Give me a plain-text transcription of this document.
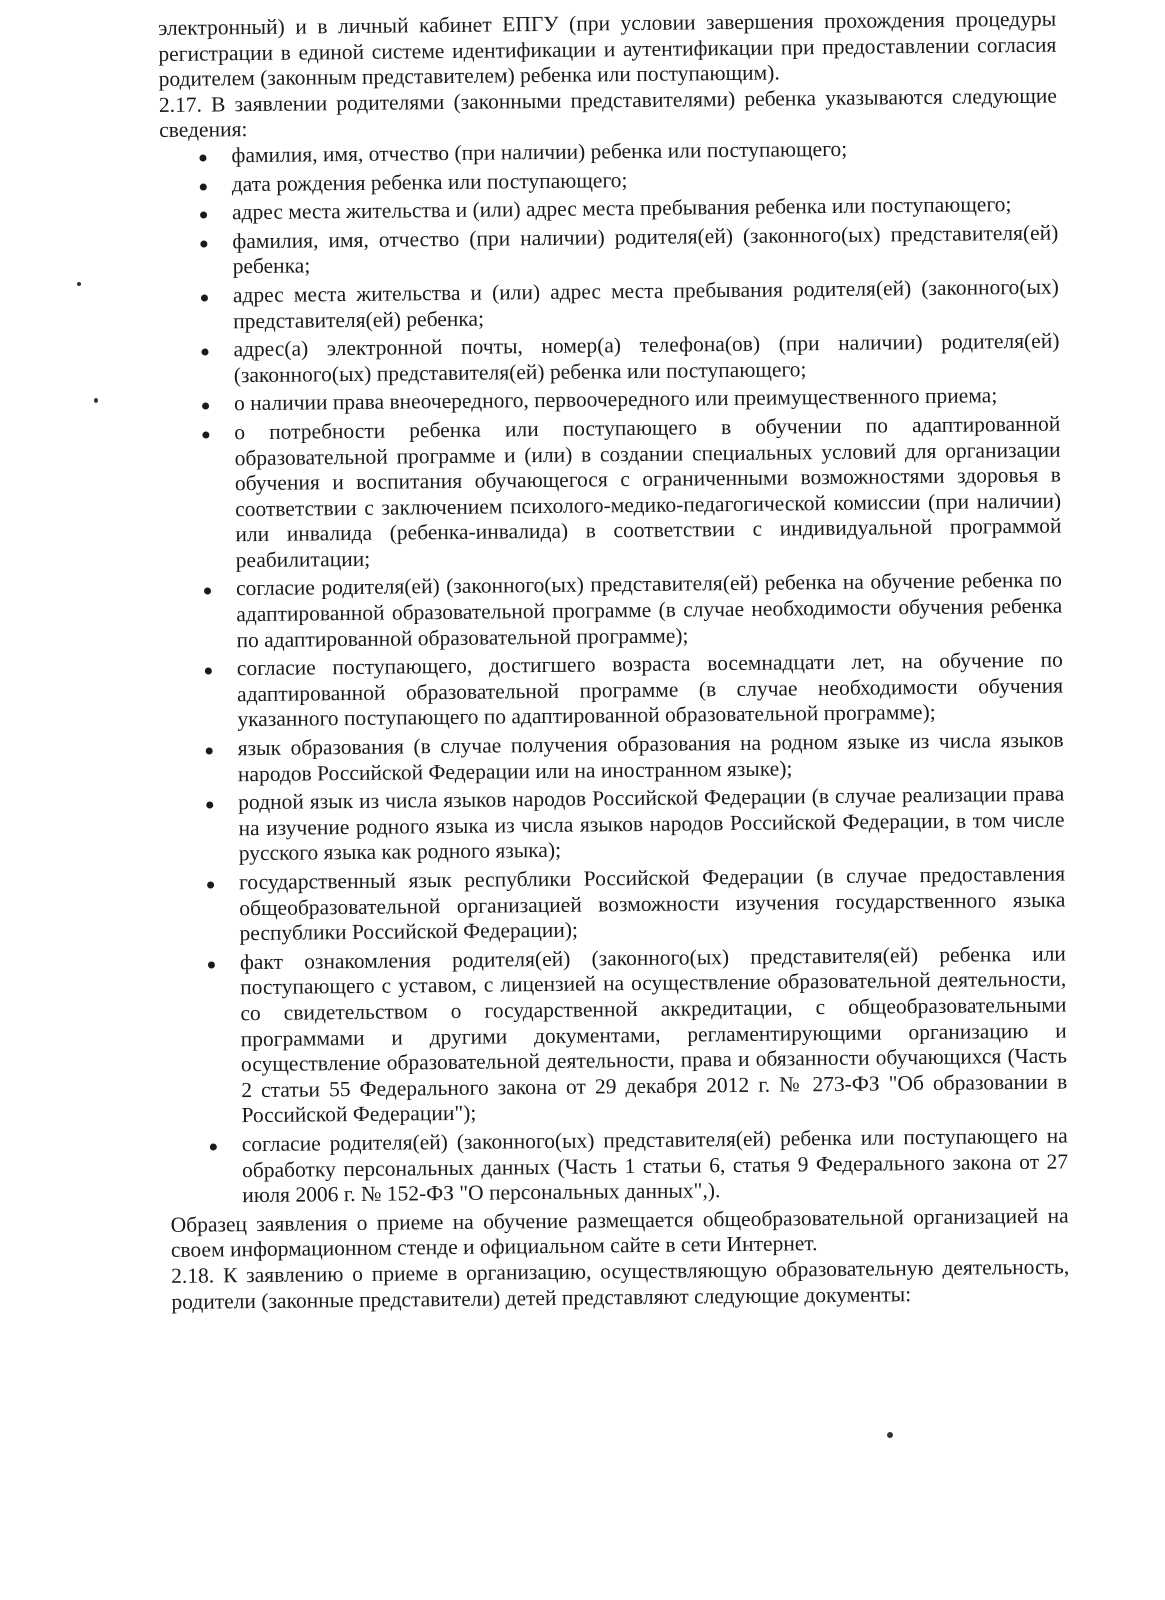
электронный) и в личный кабинет ЕПГУ (при условии завершения прохождения процедуры регистрации в единой системе идентификации и аутентификации при предоставлении согласия родителем (законным представителем) ребенка или поступающим).

2.17. В заявлении родителями (законными представителями) ребенка указываются следующие сведения:

фамилия, имя, отчество (при наличии) ребенка или поступающего;
дата рождения ребенка или поступающего;
адрес места жительства и (или) адрес места пребывания ребенка или поступающего;
фамилия, имя, отчество (при наличии) родителя(ей) (законного(ых) представителя(ей) ребенка;
адрес места жительства и (или) адрес места пребывания родителя(ей) (законного(ых) представителя(ей) ребенка;
адрес(а) электронной почты, номер(а) телефона(ов) (при наличии) родителя(ей) (законного(ых) представителя(ей) ребенка или поступающего;
о наличии права внеочередного, первоочередного или преимущественного приема;
о потребности ребенка или поступающего в обучении по адаптированной образовательной программе и (или) в создании специальных условий для организации обучения и воспитания обучающегося с ограниченными возможностями здоровья в соответствии с заключением психолого-медико-педагогической комиссии (при наличии) или инвалида (ребенка-инвалида) в соответствии с индивидуальной программой реабилитации;
согласие родителя(ей) (законного(ых) представителя(ей) ребенка на обучение ребенка по адаптированной образовательной программе (в случае необходимости обучения ребенка по адаптированной образовательной программе);
согласие поступающего, достигшего возраста восемнадцати лет, на обучение по адаптированной образовательной программе (в случае необходимости обучения указанного поступающего по адаптированной образовательной программе);
язык образования (в случае получения образования на родном языке из числа языков народов Российской Федерации или на иностранном языке);
родной язык из числа языков народов Российской Федерации (в случае реализации права на изучение родного языка из числа языков народов Российской Федерации, в том числе русского языка как родного языка);
государственный язык республики Российской Федерации (в случае предоставления общеобразовательной организацией возможности изучения государственного языка республики Российской Федерации);
факт ознакомления родителя(ей) (законного(ых) представителя(ей) ребенка или поступающего с уставом, с лицензией на осуществление образовательной деятельности, со свидетельством о государственной аккредитации, с общеобразовательными программами и другими документами, регламентирующими организацию и осуществление образовательной деятельности, права и обязанности обучающихся (Часть 2 статьи 55 Федерального закона от 29 декабря 2012 г. № 273-ФЗ "Об образовании в Российской Федерации");
согласие родителя(ей) (законного(ых) представителя(ей) ребенка или поступающего на обработку персональных данных (Часть 1 статьи 6, статья 9 Федерального закона от 27 июля 2006 г. № 152-ФЗ "О персональных данных",).

Образец заявления о приеме на обучение размещается общеобразовательной организацией на своем информационном стенде и официальном сайте в сети Интернет.

2.18. К заявлению о приеме в организацию, осуществляющую образовательную деятельность, родители (законные представители) детей представляют следующие документы:
